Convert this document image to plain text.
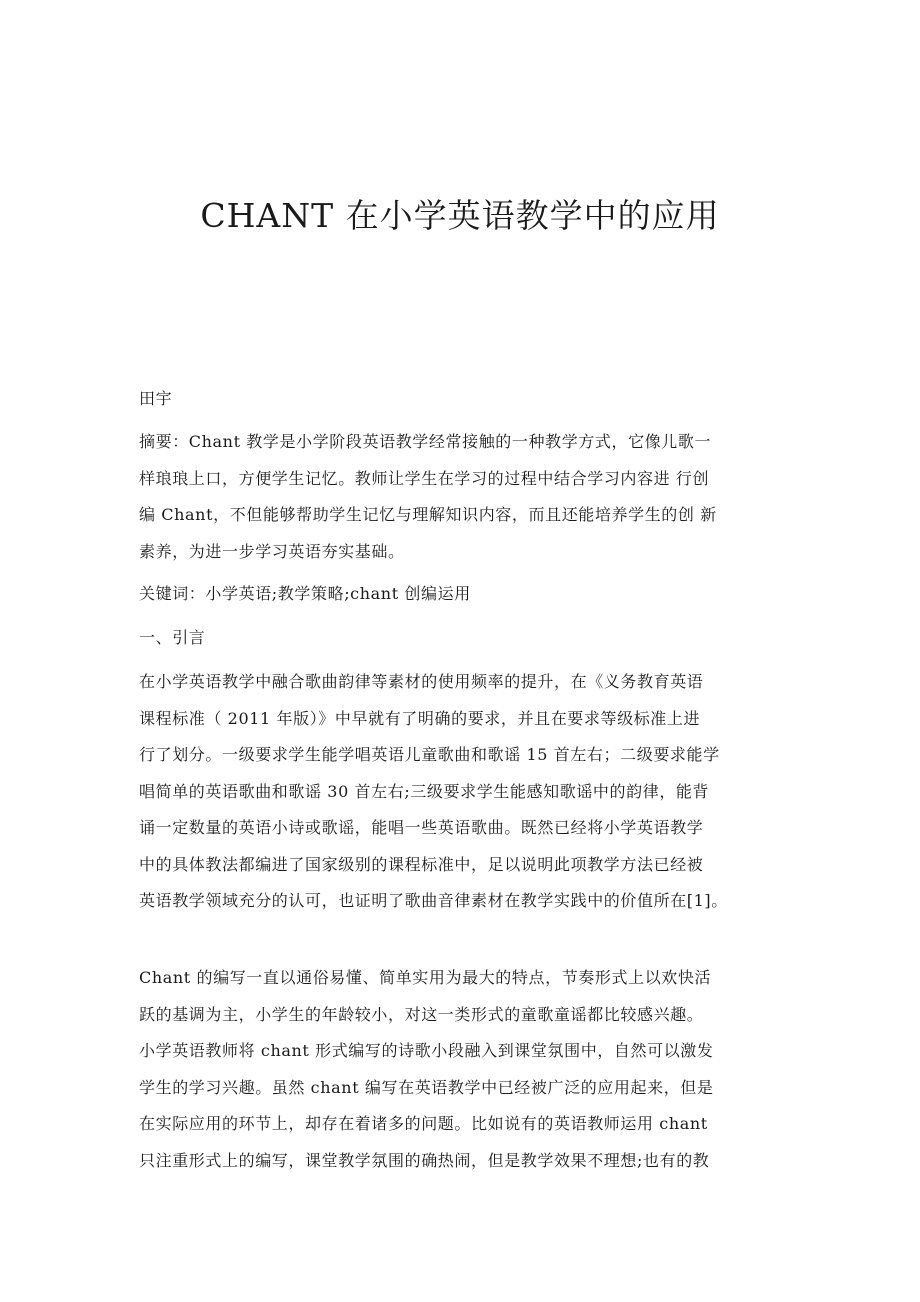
CHANT 在小学英语教学中的应用
田宇
摘要：Chant 教学是小学阶段英语教学经常接触的一种教学方式，它像儿歌一
样琅琅上口，方便学生记忆。教师让学生在学习的过程中结合学习内容进 行创
编 Chant，不但能够帮助学生记忆与理解知识内容，而且还能培养学生的创 新
素养，为进一步学习英语夯实基础。
关键词：小学英语;教学策略;chant 创编运用
一、引言
在小学英语教学中融合歌曲韵律等素材的使用频率的提升，在《义务教育英语
课程标准（ 2011 年版）》中早就有了明确的要求，并且在要求等级标准上进
行了划分。一级要求学生能学唱英语儿童歌曲和歌谣 15 首左右；二级要求能学
唱简单的英语歌曲和歌谣 30 首左右;三级要求学生能感知歌谣中的韵律，能背
诵一定数量的英语小诗或歌谣，能唱一些英语歌曲。既然已经将小学英语教学
中的具体教法都编进了国家级别的课程标准中，足以说明此项教学方法已经被
英语教学领域充分的认可，也证明了歌曲音律素材在教学实践中的价值所在[1]。
Chant 的编写一直以通俗易懂、简单实用为最大的特点，节奏形式上以欢快活
跃的基调为主，小学生的年龄较小，对这一类形式的童歌童谣都比较感兴趣。
小学英语教师将 chant 形式编写的诗歌小段融入到课堂氛围中，自然可以激发
学生的学习兴趣。虽然 chant 编写在英语教学中已经被广泛的应用起来，但是
在实际应用的环节上，却存在着诸多的问题。比如说有的英语教师运用 chant
只注重形式上的编写，课堂教学氛围的确热闹，但是教学效果不理想;也有的教
